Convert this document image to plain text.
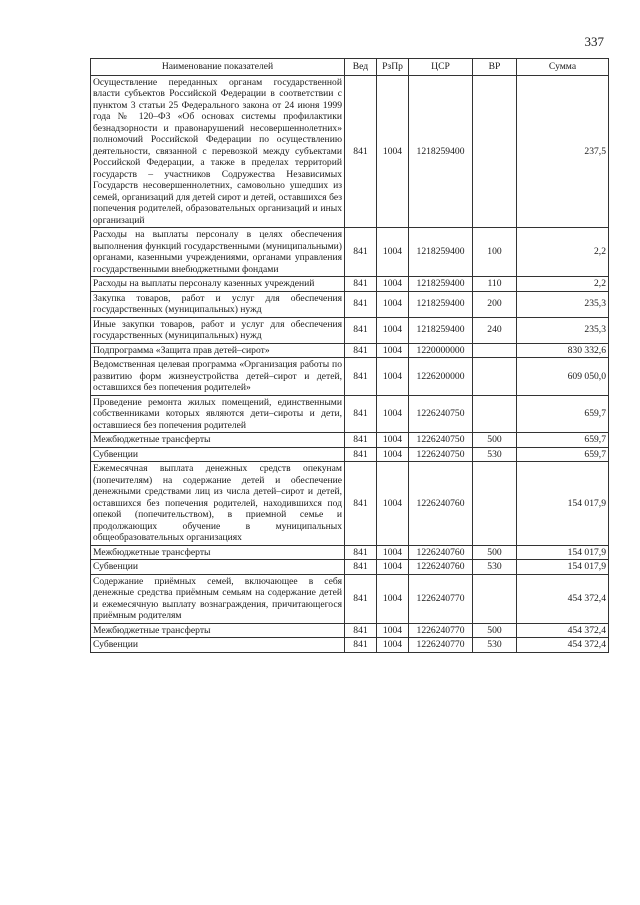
337
Наименование показателей	Вед	РзПр	ЦСР	ВР	Сумма
Осуществление переданных органам государственной власти субъектов Российской Федерации в соответствии с пунктом 3 статьи 25 Федерального закона от 24 июня 1999 года № 120–ФЗ «Об основах системы профилактики безнадзорности и правонарушений несовершеннолетних» полномочий Российской Федерации по осуществлению деятельности, связанной с перевозкой между субъектами Российской Федерации, а также в пределах территорий государств – участников Содружества Независимых Государств несовершеннолетних, самовольно ушедших из семей, организаций для детей сирот и детей, оставшихся без попечения родителей, образовательных организаций и иных организаций	841	1004	1218259400		237,5
Расходы на выплаты персоналу в целях обеспечения выполнения функций государственными (муниципальными) органами, казенными учреждениями, органами управления государственными внебюджетными фондами	841	1004	1218259400	100	2,2
Расходы на выплаты персоналу казенных учреждений	841	1004	1218259400	110	2,2
Закупка товаров, работ и услуг для обеспечения государственных (муниципальных) нужд	841	1004	1218259400	200	235,3
Иные закупки товаров, работ и услуг для обеспечения государственных (муниципальных) нужд	841	1004	1218259400	240	235,3
Подпрограмма «Защита прав детей–сирот»	841	1004	1220000000		830 332,6
Ведомственная целевая программа «Организация работы по развитию форм жизнеустройства детей–сирот и детей, оставшихся без попечения родителей»	841	1004	1226200000		609 050,0
Проведение ремонта жилых помещений, единственными собственниками которых являются дети–сироты и дети, оставшиеся без попечения родителей	841	1004	1226240750		659,7
Межбюджетные трансферты	841	1004	1226240750	500	659,7
Субвенции	841	1004	1226240750	530	659,7
Ежемесячная выплата денежных средств опекунам (попечителям) на содержание детей и обеспечение денежными средствами лиц из числа детей–сирот и детей, оставшихся без попечения родителей, находившихся под опекой (попечительством), в приемной семье и продолжающих обучение в муниципальных общеобразовательных организациях	841	1004	1226240760		154 017,9
Межбюджетные трансферты	841	1004	1226240760	500	154 017,9
Субвенции	841	1004	1226240760	530	154 017,9
Содержание приёмных семей, включающее в себя денежные средства приёмным семьям на содержание детей и ежемесячную выплату вознаграждения, причитающегося приёмным родителям	841	1004	1226240770		454 372,4
Межбюджетные трансферты	841	1004	1226240770	500	454 372,4
Субвенции	841	1004	1226240770	530	454 372,4
